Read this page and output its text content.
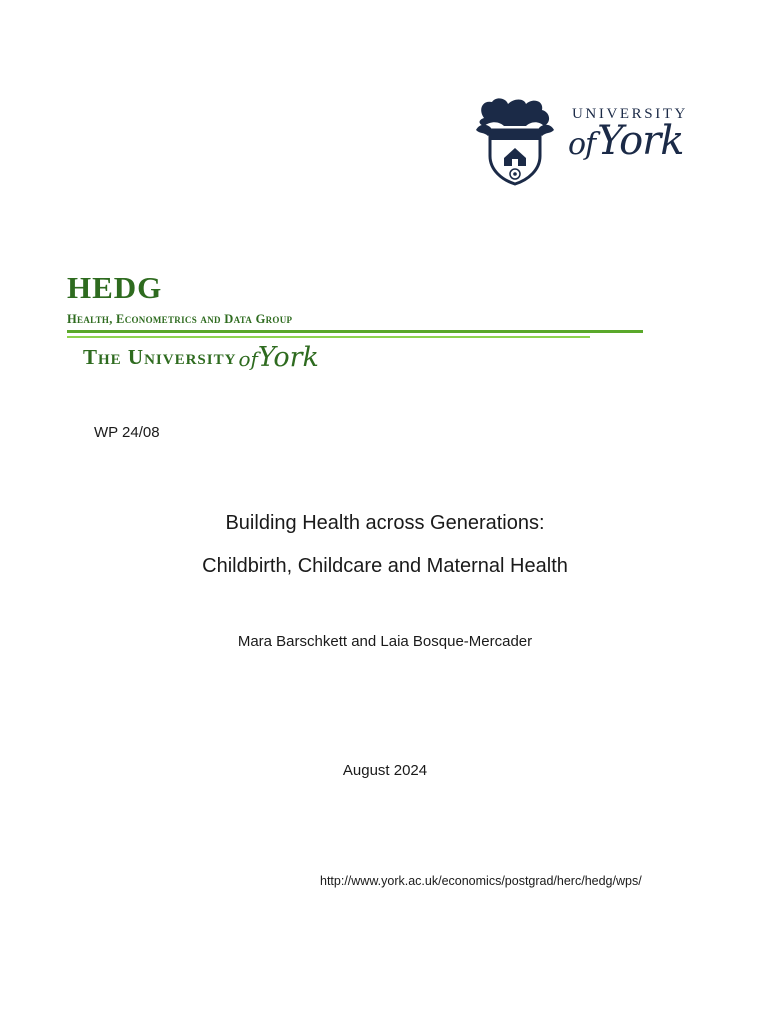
UNIVERSITY
ofYork
HEDG
Health, Econometrics and Data Group
The University ofYork
WP 24/08
Building Health across Generations:
Childbirth, Childcare and Maternal Health
Mara Barschkett and Laia Bosque-Mercader
August 2024
http://www.york.ac.uk/economics/postgrad/herc/hedg/wps/
